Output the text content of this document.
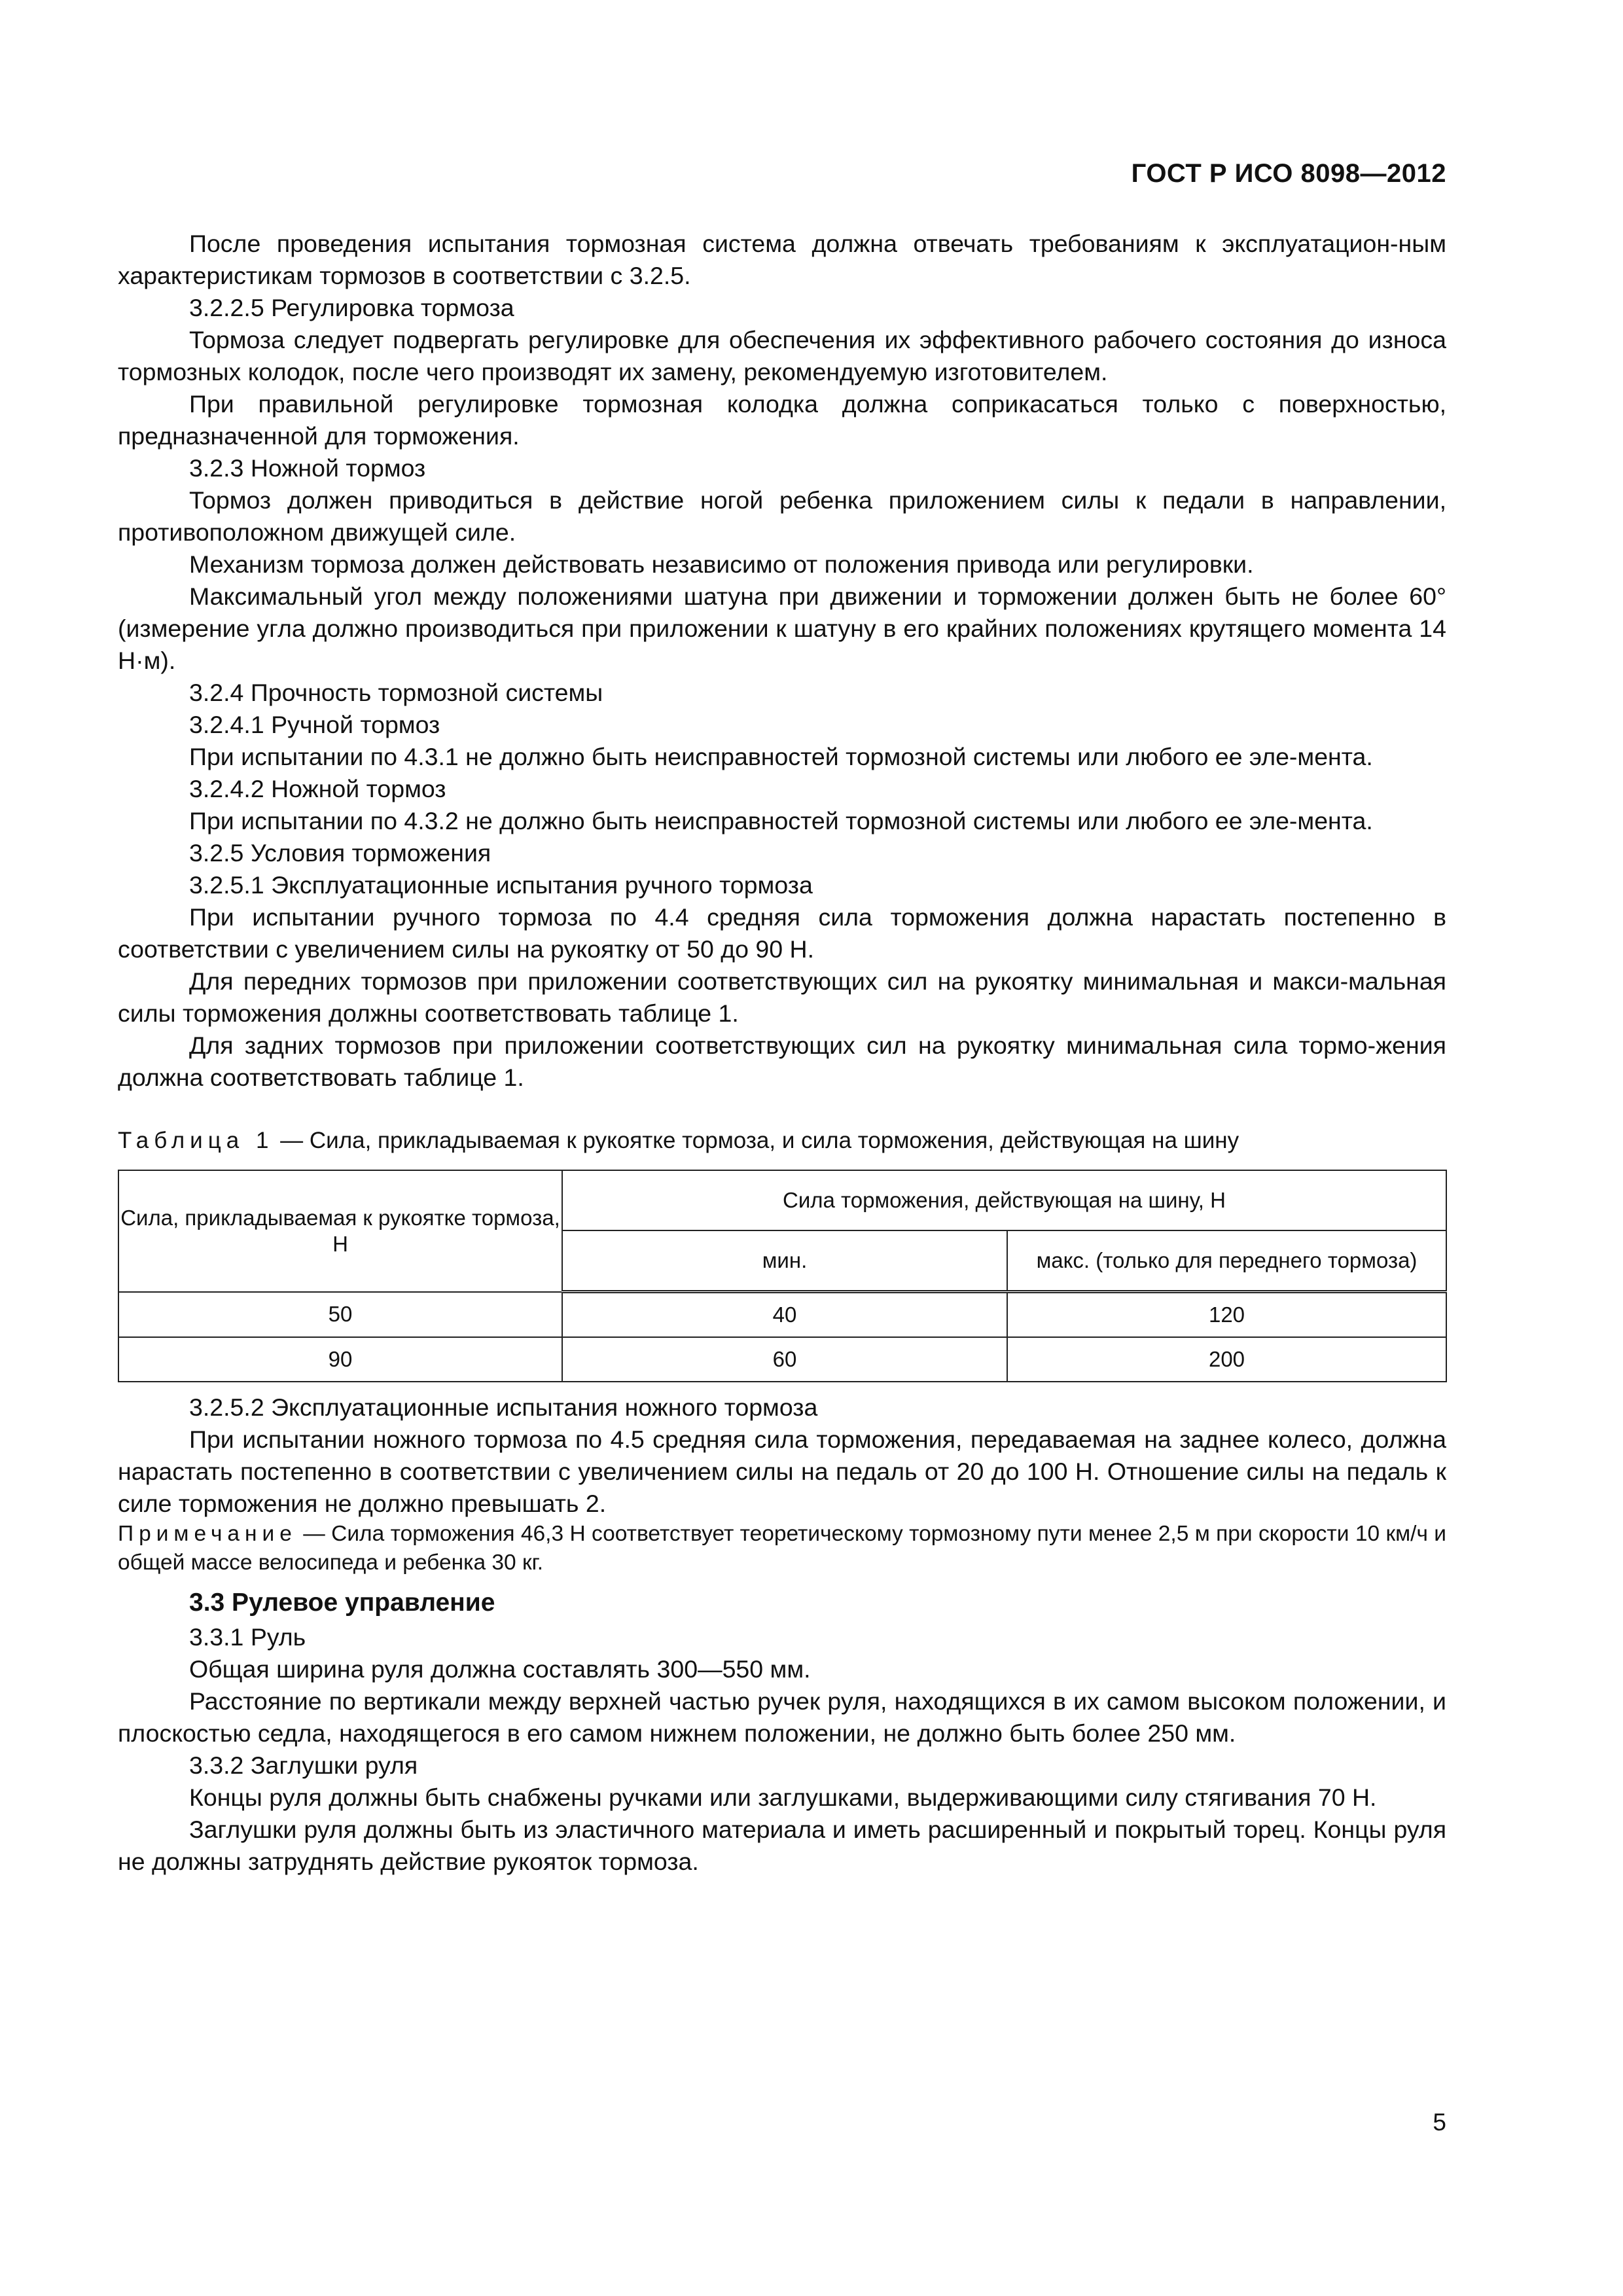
ГОСТ Р ИСО 8098—2012

После проведения испытания тормозная система должна отвечать требованиям к эксплуатацион-ным характеристикам тормозов в соответствии с 3.2.5.

3.2.2.5 Регулировка тормоза

Тормоза следует подвергать регулировке для обеспечения их эффективного рабочего состояния до износа тормозных колодок, после чего производят их замену, рекомендуемую изготовителем.

При правильной регулировке тормозная колодка должна соприкасаться только с поверхностью, предназначенной для торможения.

3.2.3 Ножной тормоз

Тормоз должен приводиться в действие ногой ребенка приложением силы к педали в направлении, противоположном движущей силе.

Механизм тормоза должен действовать независимо от положения привода или регулировки.

Максимальный угол между положениями шатуна при движении и торможении должен быть не более 60° (измерение угла должно производиться при приложении к шатуну в его крайних положениях крутящего момента 14 Н·м).

3.2.4 Прочность тормозной системы

3.2.4.1 Ручной тормоз

При испытании по 4.3.1 не должно быть неисправностей тормозной системы или любого ее эле-мента.

3.2.4.2 Ножной тормоз

При испытании по 4.3.2 не должно быть неисправностей тормозной системы или любого ее эле-мента.

3.2.5 Условия торможения

3.2.5.1 Эксплуатационные испытания ручного тормоза

При испытании ручного тормоза по 4.4 средняя сила торможения должна нарастать постепенно в соответствии с увеличением силы на рукоятку от 50 до 90 Н.

Для передних тормозов при приложении соответствующих сил на рукоятку минимальная и макси-мальная силы торможения должны соответствовать таблице 1.

Для задних тормозов при приложении соответствующих сил на рукоятку минимальная сила тормо-жения должна соответствовать таблице 1.

Таблица 1 — Сила, прикладываемая к рукоятке тормоза, и сила торможения, действующая на шину
Сила, прикладываемая к рукоятке тормоза, Н	Сила торможения, действующая на шину, Н	
	мин.	макс. (только для переднего тормоза)
50	40	120
90	60	200

3.2.5.2 Эксплуатационные испытания ножного тормоза

При испытании ножного тормоза по 4.5 средняя сила торможения, передаваемая на заднее колесо, должна нарастать постепенно в соответствии с увеличением силы на педаль от 20 до 100 Н. Отношение силы на педаль к силе торможения не должно превышать 2.

Примечание — Сила торможения 46,3 Н соответствует теоретическому тормозному пути менее 2,5 м при скорости 10 км/ч и общей массе велосипеда и ребенка 30 кг.

3.3 Рулевое управление

3.3.1 Руль

Общая ширина руля должна составлять 300—550 мм.

Расстояние по вертикали между верхней частью ручек руля, находящихся в их самом высоком положении, и плоскостью седла, находящегося в его самом нижнем положении, не должно быть более 250 мм.

3.3.2 Заглушки руля

Концы руля должны быть снабжены ручками или заглушками, выдерживающими силу стягивания 70 Н.

Заглушки руля должны быть из эластичного материала и иметь расширенный и покрытый торец. Концы руля не должны затруднять действие рукояток тормоза.

5
